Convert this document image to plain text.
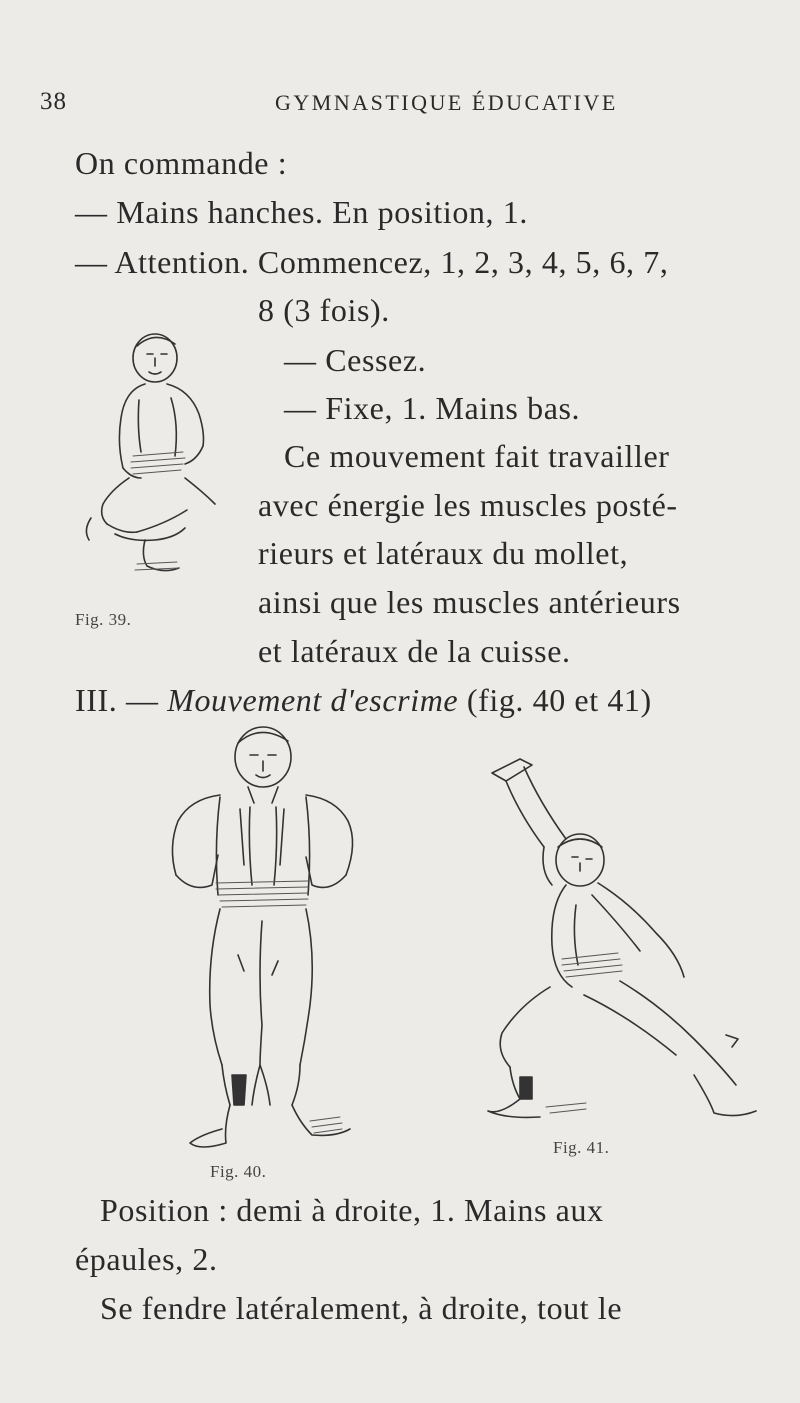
38	GYMNASTIQUE ÉDUCATIVE
On commande :
— Mains hanches. En position, 1.
— Attention. Commencez, 1, 2, 3, 4, 5, 6, 7,
8 (3 fois).
— Cessez.
— Fixe, 1. Mains bas.
Ce mouvement fait travailler
avec énergie les muscles posté-
rieurs et latéraux du mollet,
ainsi que les muscles antérieurs
et latéraux de la cuisse.
Fig. 39.
III. — Mouvement d'escrime (fig. 40 et 41)
Fig. 40.
Fig. 41.
Position : demi à droite, 1. Mains aux
épaules, 2.
Se fendre latéralement, à droite, tout le
